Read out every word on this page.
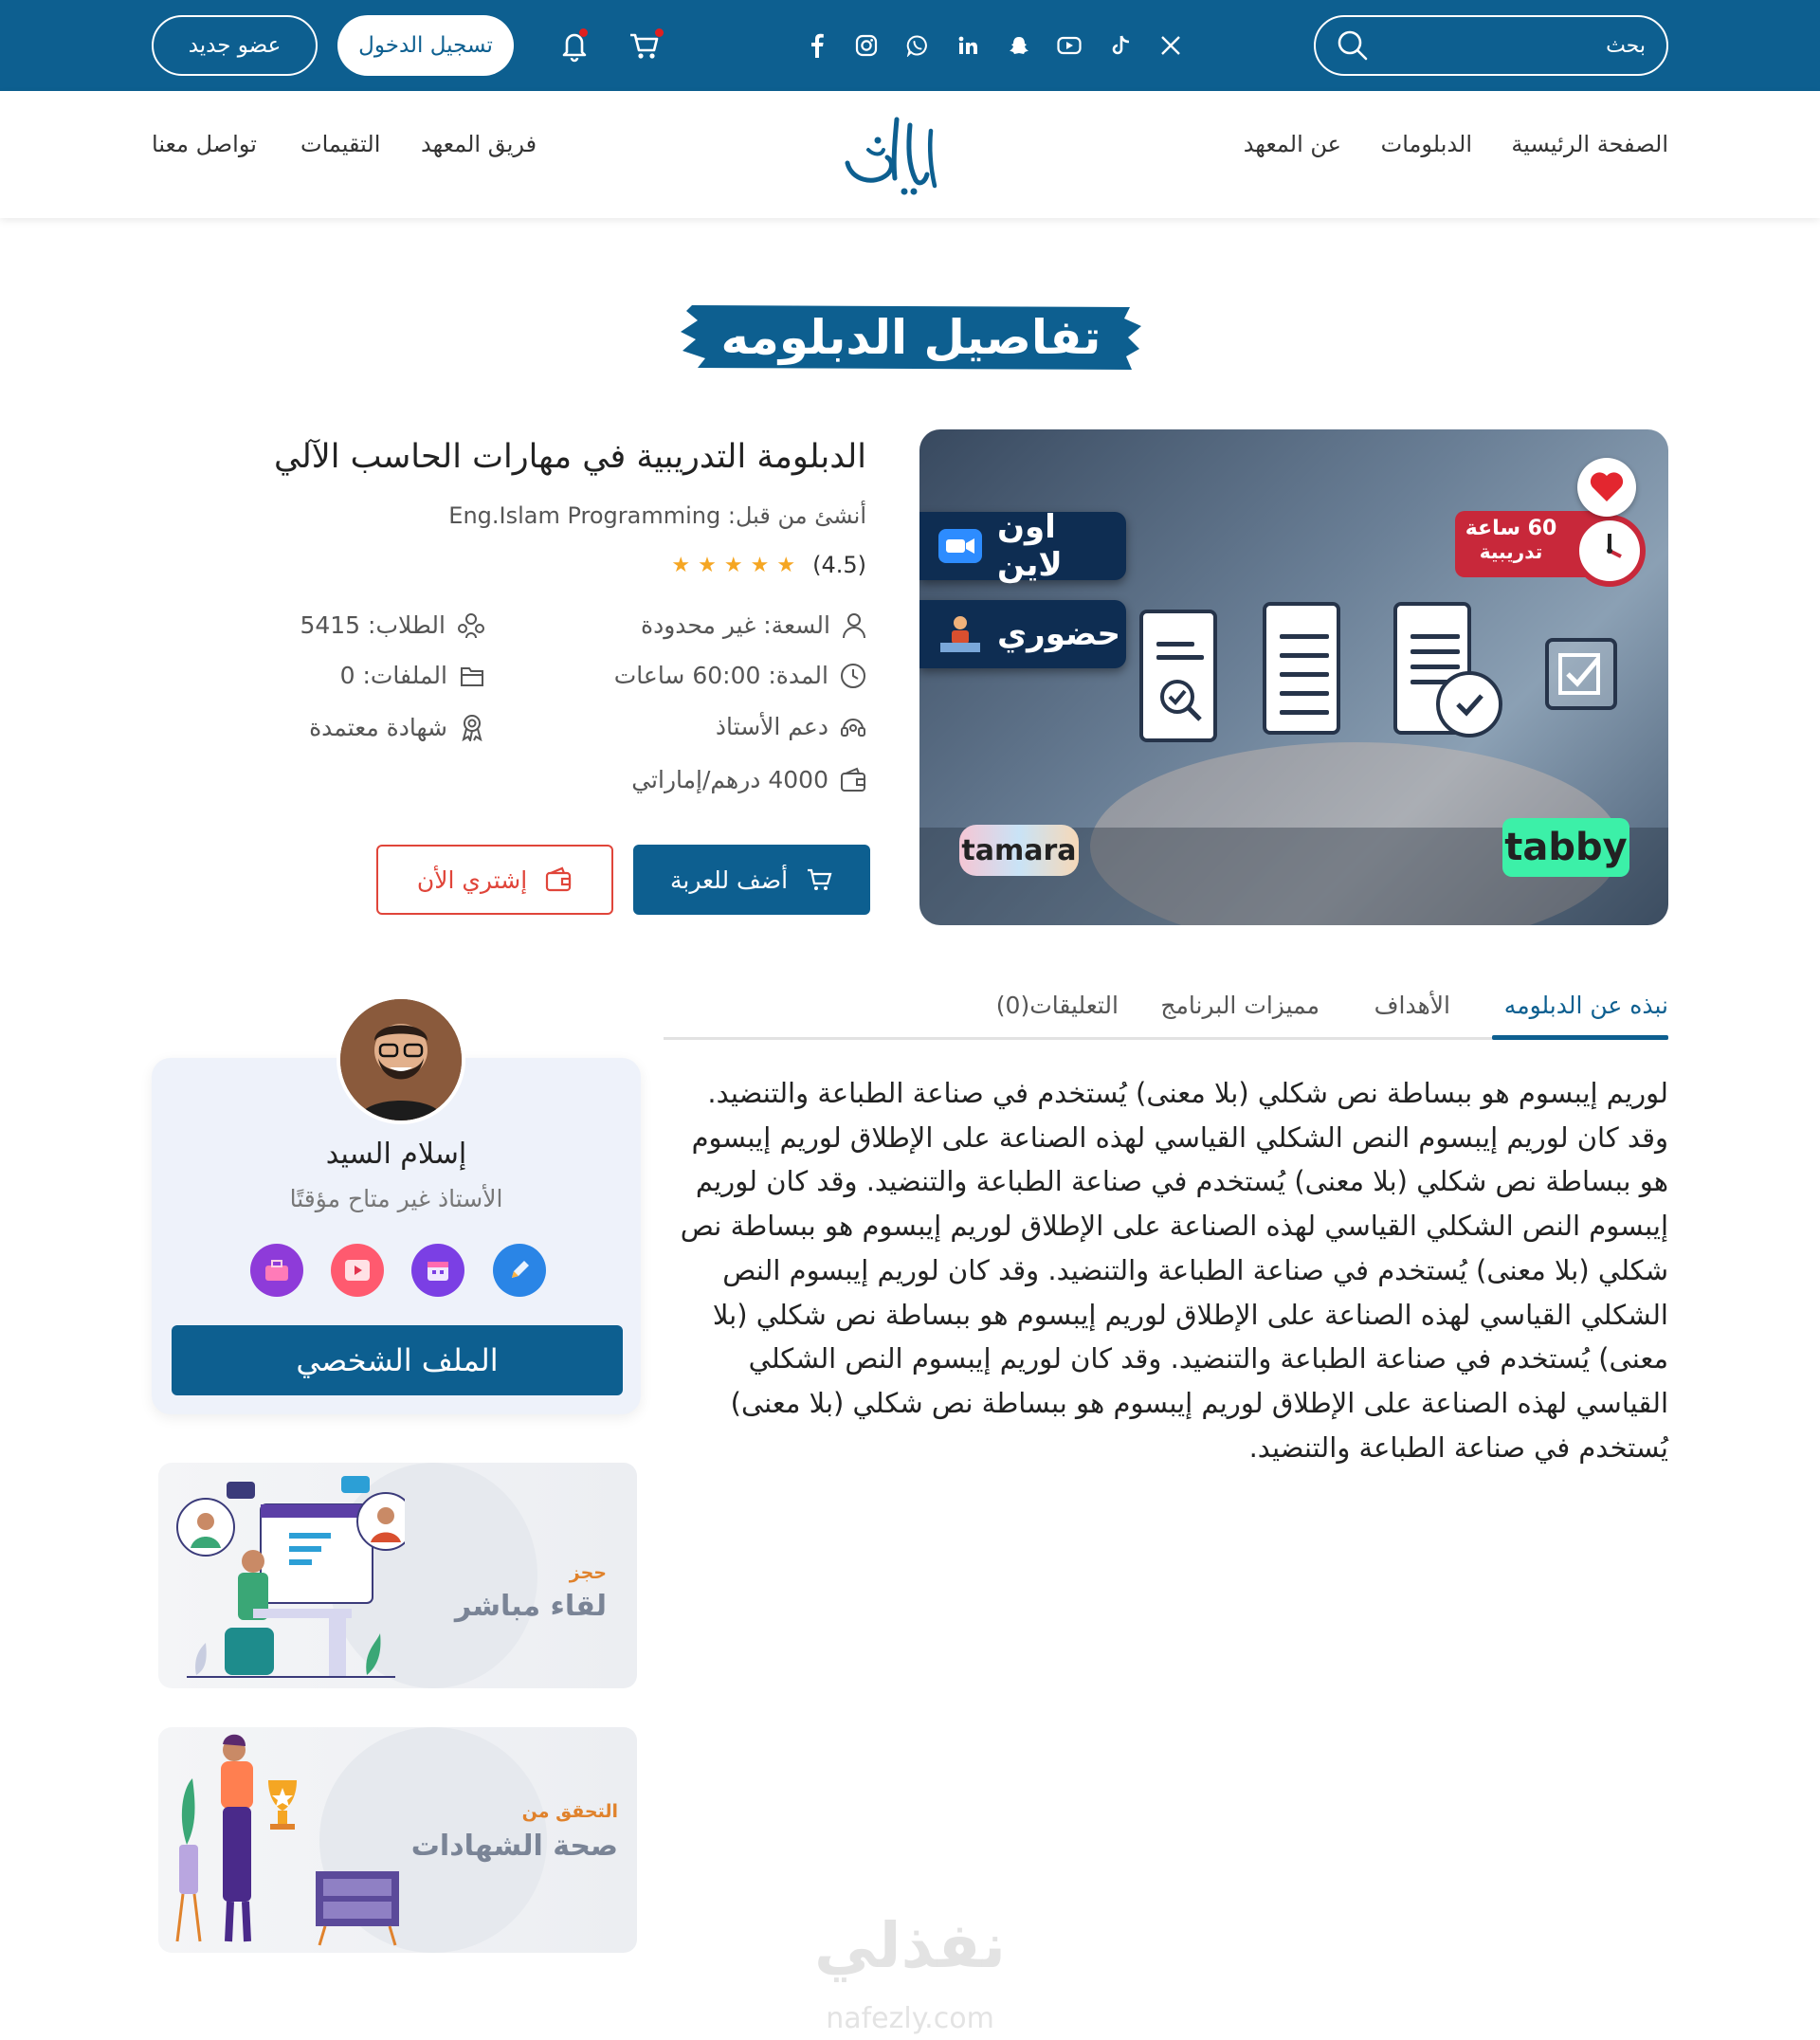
بحث
تسجيل الدخول
عضو جديد
الصفحة الرئيسية
الدبلومات
عن المعهد
فريق المعهد
التقيمات
تواصل معنا
تفاصيل الدبلومه
اون لاين
حضوري
60 ساعة
تدريبية
tamara	tabby
الدبلومة التدريبية في مهارات الحاسب الآلي
أنشئ من قبل: Eng.Islam Programming
(4.5)
★
★
★
★
★
السعة: غير محدودة
المدة: 60:00 ساعات
دعم الأستاذ
4000 درهم/إماراتي
الطلاب: 5415
الملفات: 0
شهادة معتمدة
أضف للعربة
إشتري الأن
نبذه عن الدبلومه
الأهداف
مميزات البرنامج
التعليقات(0)
لوريم إيبسوم هو ببساطة نص شكلي (بلا معنى) يُستخدم في صناعة الطباعة والتنضيد. وقد كان لوريم إيبسوم النص الشكلي القياسي لهذه الصناعة على الإطلاق لوريم إيبسوم هو ببساطة نص شكلي (بلا معنى) يُستخدم في صناعة الطباعة والتنضيد. وقد كان لوريم إيبسوم النص الشكلي القياسي لهذه الصناعة على الإطلاق لوريم إيبسوم هو ببساطة نص شكلي (بلا معنى) يُستخدم في صناعة الطباعة والتنضيد. وقد كان لوريم إيبسوم النص الشكلي القياسي لهذه الصناعة على الإطلاق لوريم إيبسوم هو ببساطة نص شكلي (بلا معنى) يُستخدم في صناعة الطباعة والتنضيد. وقد كان لوريم إيبسوم النص الشكلي القياسي لهذه الصناعة على الإطلاق لوريم إيبسوم هو ببساطة نص شكلي (بلا معنى) يُستخدم في صناعة الطباعة والتنضيد.
إسلام السيد
الأستاذ غير متاح مؤقتًا
الملف الشخصي
حجز
لقاء مباشر
التحقق من
صحة الشهادات
نفذلي
nafezly.com
